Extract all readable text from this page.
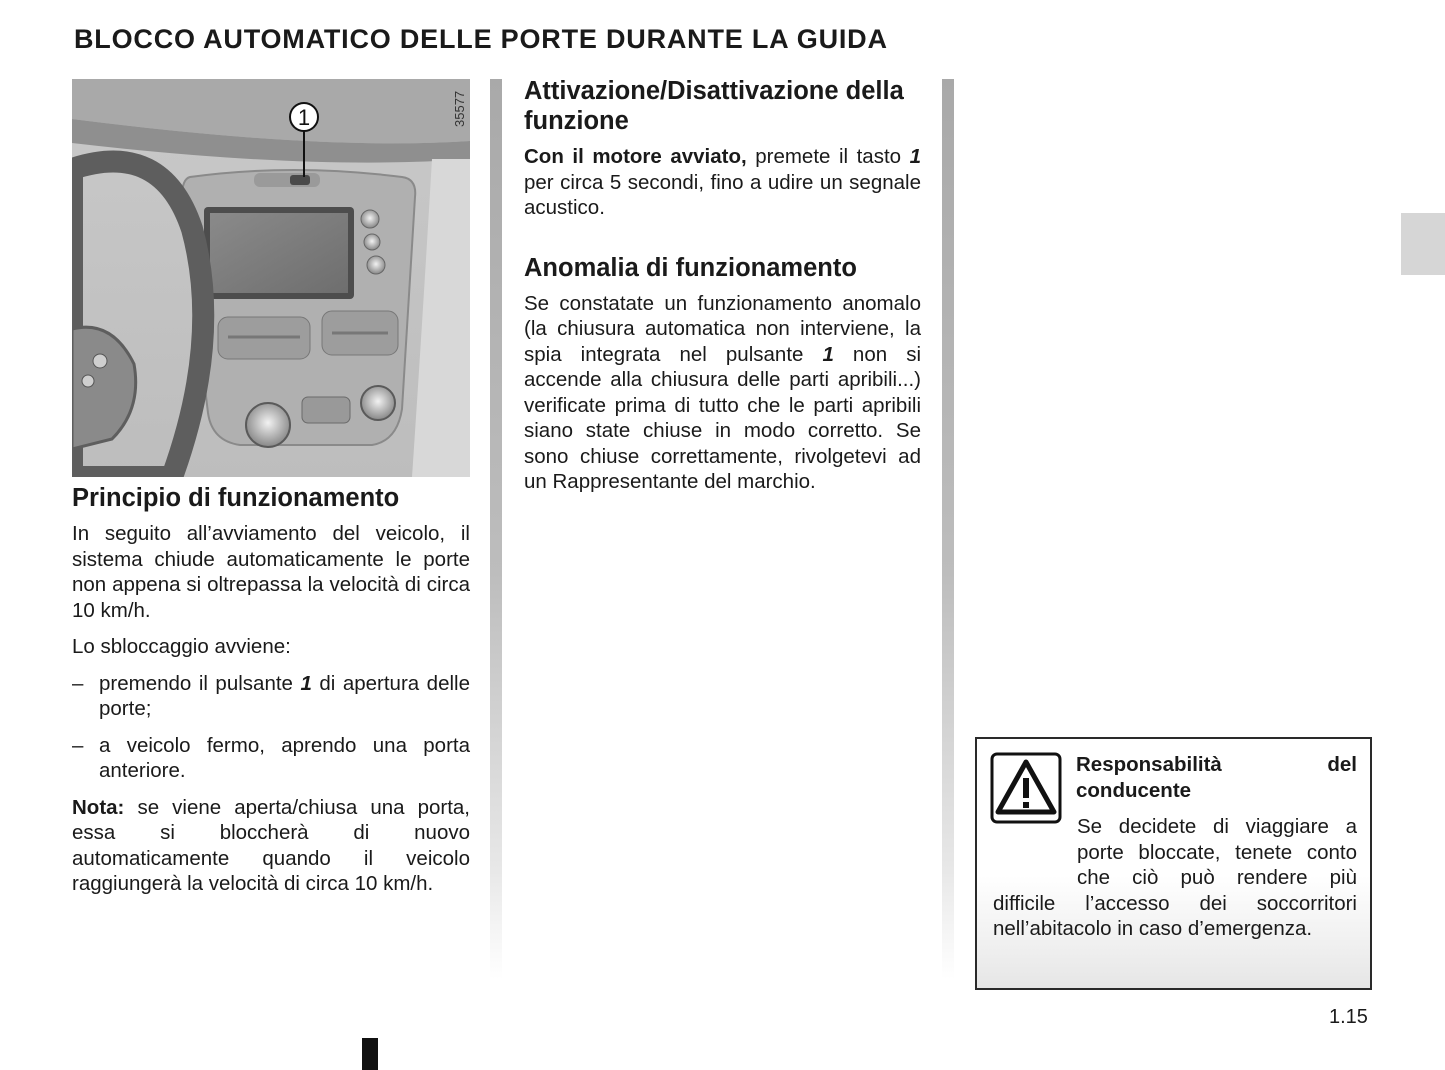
BLOCCO AUTOMATICO DELLE PORTE DURANTE LA GUIDA
1	35577
Principio di funzionamento

In seguito all’avviamento del veicolo, il sistema chiude automaticamente le porte non appena si oltrepassa la velocità di circa 10 km/h.

Lo sbloccaggio avviene:

– premendo il pulsante 1 di apertura delle porte;
– a veicolo fermo, aprendo una porta anteriore.

Nota: se viene aperta/chiusa una porta, essa si bloccherà di nuovo automaticamente quando il veicolo raggiungerà la velocità di circa 10 km/h.

Attivazione/Disattivazione della funzione

Con il motore avviato, premete il tasto 1 per circa 5 secondi, fino a udire un segnale acustico.

Anomalia di funzionamento

Se constatate un funzionamento anomalo (la chiusura automatica non interviene, la spia integrata nel pulsante 1 non si accende alla chiusura delle parti apribili...) verificate prima di tutto che le parti apribili siano state chiuse in modo corretto. Se sono chiuse correttamente, rivolgetevi ad un Rappresentante del marchio.

Responsabilità del conducente
Se decidete di viaggiare a porte bloccate, tenete conto che ciò può rendere più difficile l’accesso dei soccorritori nell’abitacolo in caso d’emergenza.
1.15
